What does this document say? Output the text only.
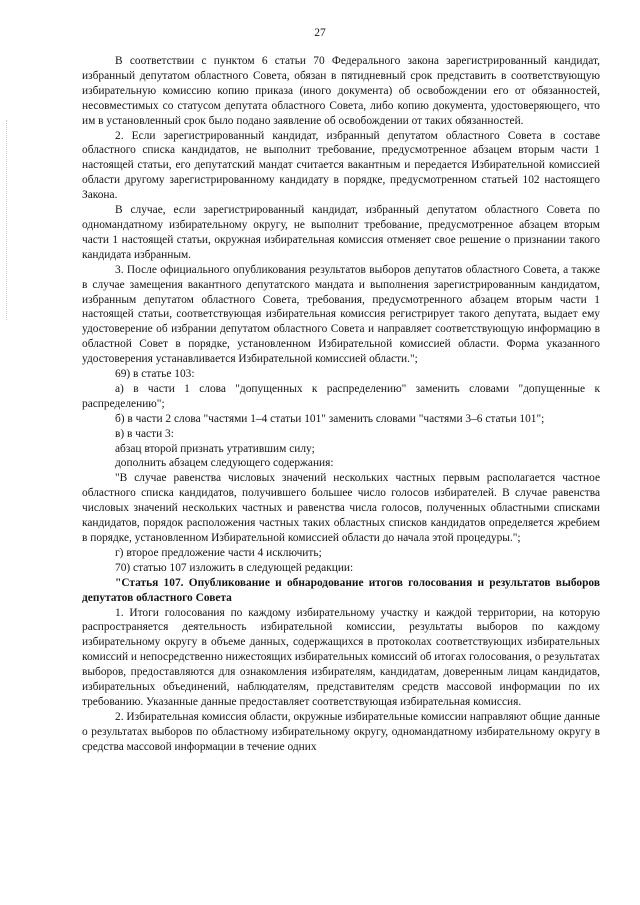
27

В соответствии с пунктом 6 статьи 70 Федерального закона зарегистрированный кандидат, избранный депутатом областного Совета, обязан в пятидневный срок представить в соответствующую избирательную комиссию копию приказа (иного документа) об освобождении его от обязанностей, несовместимых со статусом депутата областного Совета, либо копию документа, удостоверяющего, что им в установленный срок было подано заявление об освобождении от таких обязанностей.

2. Если зарегистрированный кандидат, избранный депутатом областного Совета в составе областного списка кандидатов, не выполнит требование, предусмотренное абзацем вторым части 1 настоящей статьи, его депутатский мандат считается вакантным и передается Избирательной комиссией области другому зарегистрированному кандидату в порядке, предусмотренном статьей 102 настоящего Закона.

В случае, если зарегистрированный кандидат, избранный депутатом областного Совета по одномандатному избирательному округу, не выполнит требование, предусмотренное абзацем вторым части 1 настоящей статьи, окружная избирательная комиссия отменяет свое решение о признании такого кандидата избранным.

3. После официального опубликования результатов выборов депутатов областного Совета, а также в случае замещения вакантного депутатского мандата и выполнения зарегистрированным кандидатом, избранным депутатом областного Совета, требования, предусмотренного абзацем вторым части 1 настоящей статьи, соответствующая избирательная комиссия регистрирует такого депутата, выдает ему удостоверение об избрании депутатом областного Совета и направляет соответствующую информацию в областной Совет в порядке, установленном Избирательной комиссией области. Форма указанного удостоверения устанавливается Избирательной комиссией области.";

69) в статье 103:

а) в части 1 слова "допущенных к распределению" заменить словами "допущенные к распределению";

б) в части 2 слова "частями 1–4 статьи 101" заменить словами "частями 3–6 статьи 101";

в) в части 3:

абзац второй признать утратившим силу;

дополнить абзацем следующего содержания:

"В случае равенства числовых значений нескольких частных первым располагается частное областного списка кандидатов, получившего большее число голосов избирателей. В случае равенства числовых значений нескольких частных и равенства числа голосов, полученных областными списками кандидатов, порядок расположения частных таких областных списков кандидатов определяется жребием в порядке, установленном Избирательной комиссией области до начала этой процедуры.";

г) второе предложение части 4 исключить;

70) статью 107 изложить в следующей редакции:

"Статья 107. Опубликование и обнародование итогов голосования и результатов выборов депутатов областного Совета

1. Итоги голосования по каждому избирательному участку и каждой территории, на которую распространяется деятельность избирательной комиссии, результаты выборов по каждому избирательному округу в объеме данных, содержащихся в протоколах соответствующих избирательных комиссий и непосредственно нижестоящих избирательных комиссий об итогах голосования, о результатах выборов, предоставляются для ознакомления избирателям, кандидатам, доверенным лицам кандидатов, избирательных объединений, наблюдателям, представителям средств массовой информации по их требованию. Указанные данные предоставляет соответствующая избирательная комиссия.

2. Избирательная комиссия области, окружные избирательные комиссии направляют общие данные о результатах выборов по областному избирательному округу, одномандатному избирательному округу в средства массовой информации в течение одних
